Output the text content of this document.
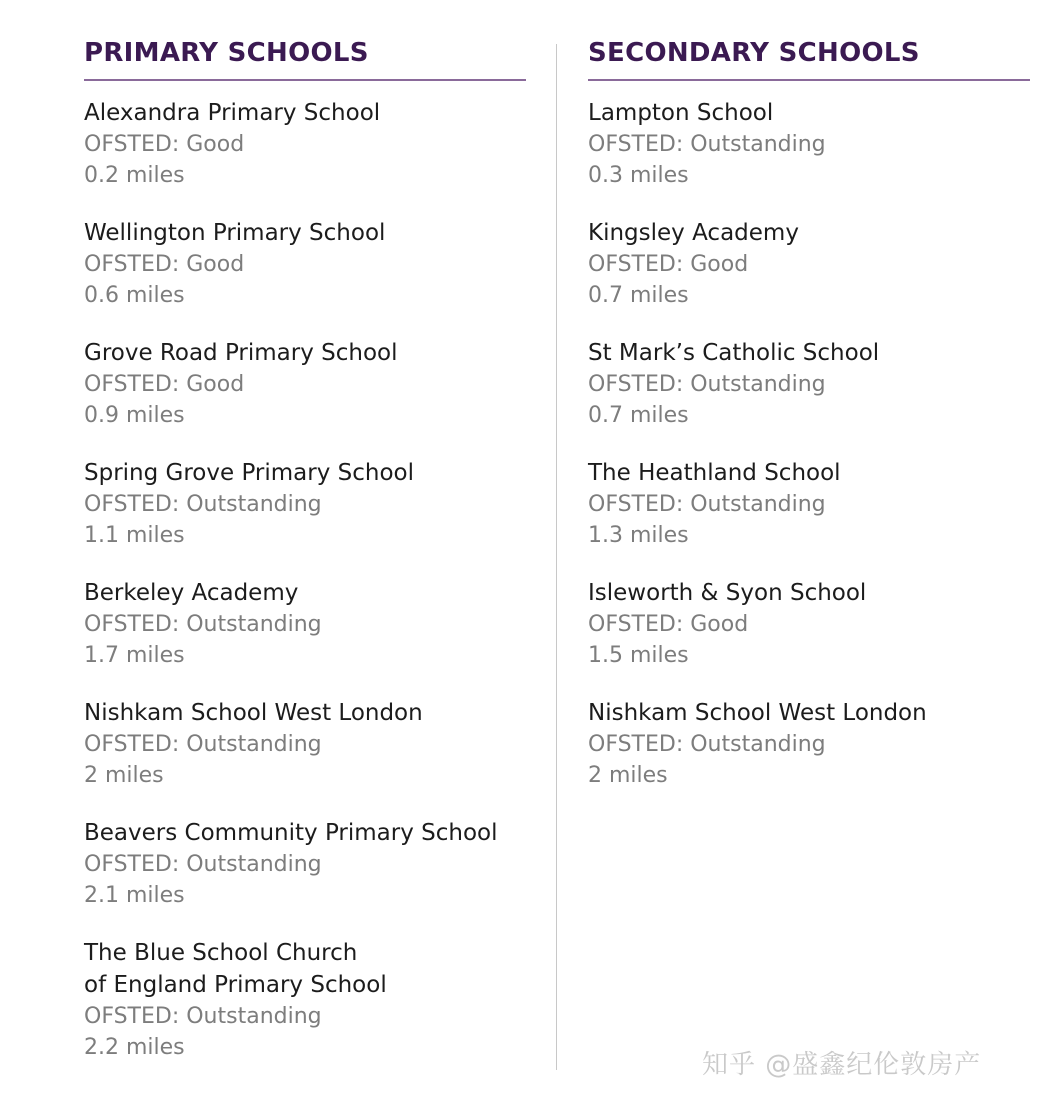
PRIMARY SCHOOLS

Alexandra Primary School

OFSTED: Good

0.2 miles

Wellington Primary School

OFSTED: Good

0.6 miles

Grove Road Primary School

OFSTED: Good

0.9 miles

Spring Grove Primary School

OFSTED: Outstanding

1.1 miles

Berkeley Academy

OFSTED: Outstanding

1.7 miles

Nishkam School West London

OFSTED: Outstanding

2 miles

Beavers Community Primary School

OFSTED: Outstanding

2.1 miles

The Blue School Church
of England Primary School

OFSTED: Outstanding

2.2 miles

SECONDARY SCHOOLS

Lampton School

OFSTED: Outstanding

0.3 miles

Kingsley Academy

OFSTED: Good

0.7 miles

St Mark’s Catholic School

OFSTED: Outstanding

0.7 miles

The Heathland School

OFSTED: Outstanding

1.3 miles

Isleworth & Syon School

OFSTED: Good

1.5 miles

Nishkam School West London

OFSTED: Outstanding

2 miles

知乎 @盛鑫纪伦敦房产
